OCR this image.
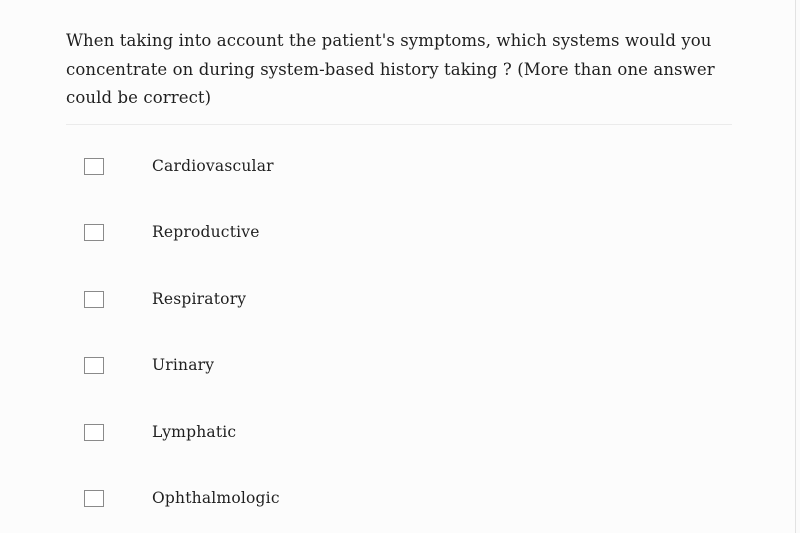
When taking into account the patient's symptoms, which systems would you concentrate on during system-based history taking ? (More than one answer could be correct)

Cardiovascular
Reproductive
Respiratory
Urinary
Lymphatic
Ophthalmologic
